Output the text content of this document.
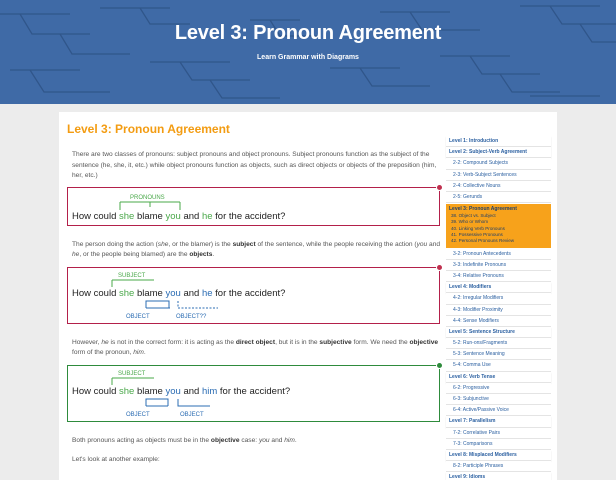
Level 3: Pronoun Agreement
Learn Grammar with Diagrams
Level 3: Pronoun Agreement

There are two classes of pronouns: subject pronouns and object pronouns. Subject pronouns function as the subject of the sentence (he, she, it, etc.) while object pronouns function as objects, such as direct objects or objects of the preposition (him, her, etc.)

PRONOUNS
How could she blame you and he for the accident?

The person doing the action (she, or the blamer) is the subject of the sentence, while the people receiving the action (you and he, or the people being blamed) are the objects.

SUBJECT
How could she blame you and he for the accident?
OBJECT	OBJECT??

However, he is not in the correct form: it is acting as the direct object, but it is in the subjective form. We need the objective form of the pronoun, him.

SUBJECT
How could she blame you and him for the accident?
OBJECT	OBJECT

Both pronouns acting as objects must be in the objective case: you and him.

Let's look at another example:

Level 1: Introduction
Level 2: Subject-Verb Agreement
2-2: Compound Subjects
2-3: Verb-Subject Sentences
2-4: Collective Nouns
2-5: Gerunds
Level 3: Pronoun Agreement
38. Object vs. Subject
39. Who or Whom
40. Linking Verb Pronouns
41. Possessive Pronouns
42. Personal Pronouns Review
3-2: Pronoun Antecedents
3-3: Indefinite Pronouns
3-4: Relative Pronouns
Level 4: Modifiers
4-2: Irregular Modifiers
4-3: Modifier Proximity
4-4: Sense Modifiers
Level 5: Sentence Structure
5-2: Run-ons/Fragments
5-3: Sentence Meaning
5-4: Comma Use
Level 6: Verb Tense
6-2: Progressive
6-3: Subjunctive
6-4: Active/Passive Voice
Level 7: Parallelism
7-2: Correlative Pairs
7-3: Comparisons
Level 8: Misplaced Modifiers
8-2: Participle Phrases
Level 9: Idioms
